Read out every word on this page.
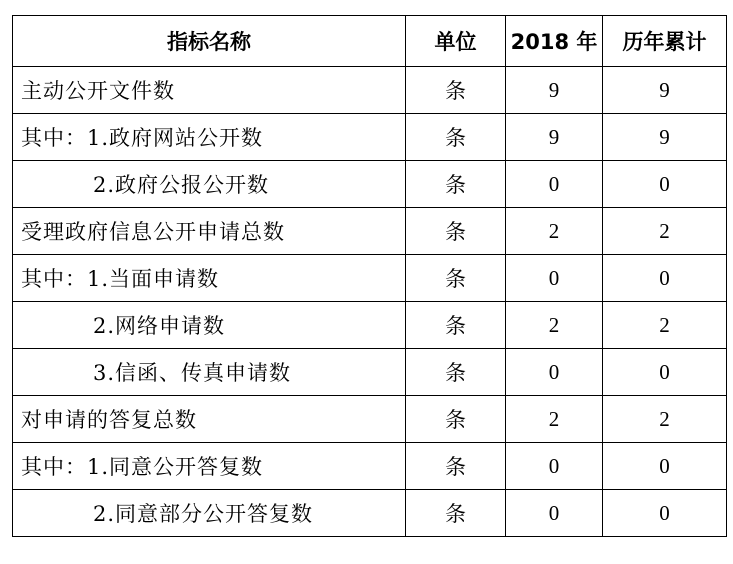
指标名称	单位	2018 年	历年累计
主动公开文件数	条	9	9
其中：1.政府网站公开数	条	9	9
2.政府公报公开数	条	0	0
受理政府信息公开申请总数	条	2	2
其中：1.当面申请数	条	0	0
2.网络申请数	条	2	2
3.信函、传真申请数	条	0	0
对申请的答复总数	条	2	2
其中：1.同意公开答复数	条	0	0
2.同意部分公开答复数	条	0	0
